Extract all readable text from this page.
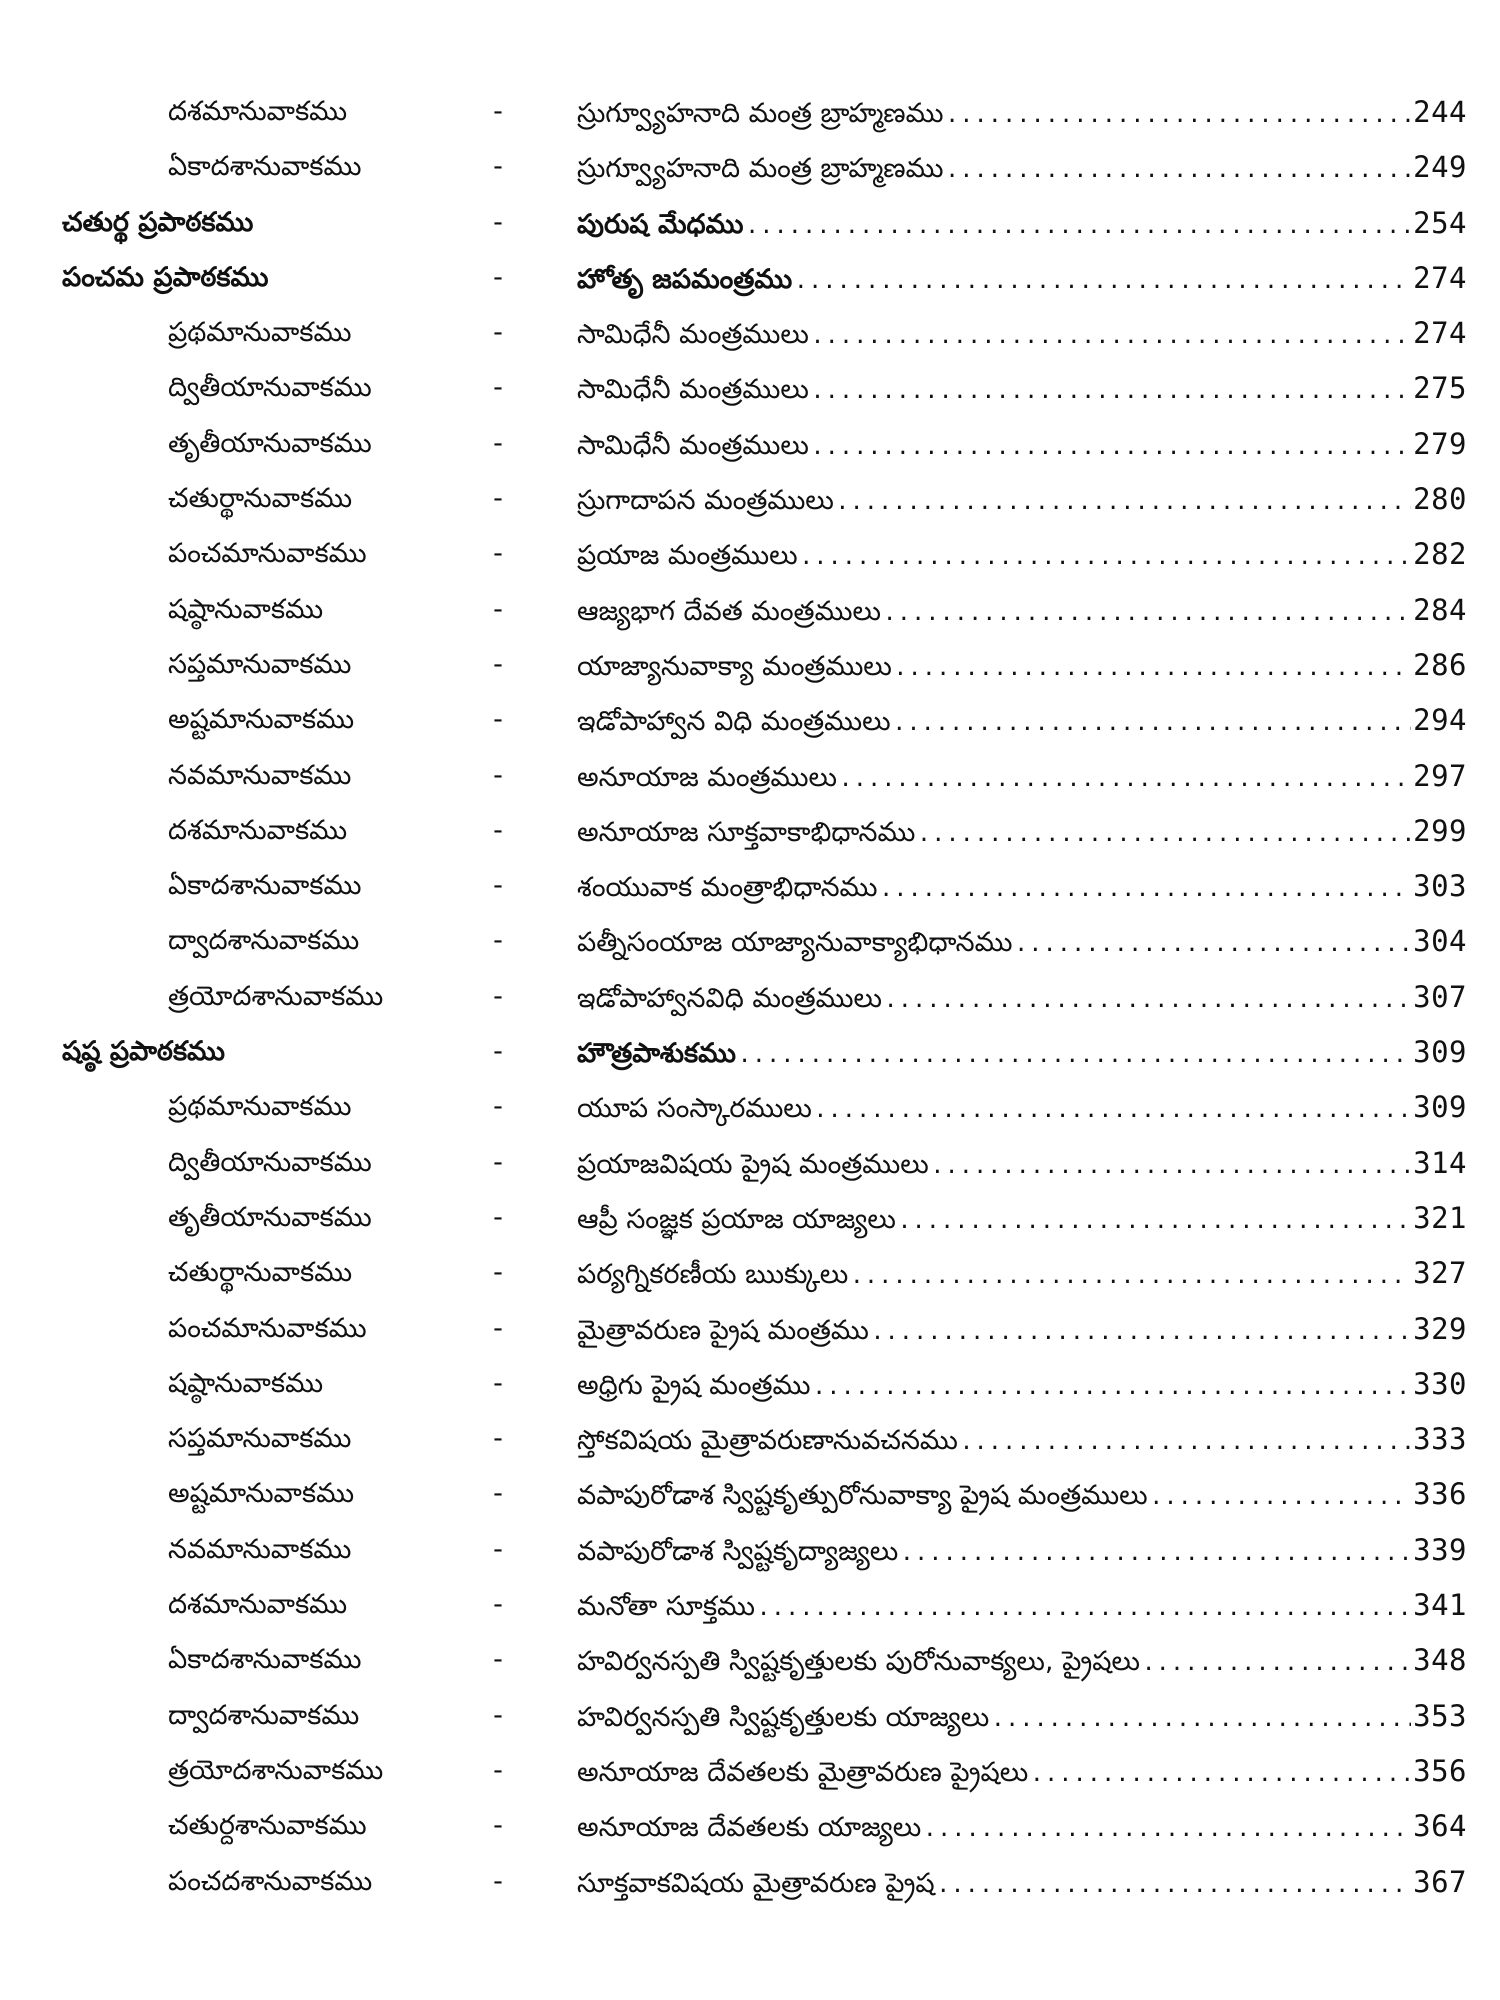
దశమానువాకము	-	స్రుగ్వ్యూహనాది మంత్ర బ్రాహ్మణము .....	244
ఏకాదశానువాకము	-	స్రుగ్వ్యూహనాది మంత్ర బ్రాహ్మణము .....	249
చతుర్థ ప్రపాఠకము	-	పురుష మేధము .....	254
పంచమ ప్రపాఠకము	-	హోతృ జపమంత్రము .....	274
ప్రథమానువాకము	-	సామిధేనీ మంత్రములు .....	274
ద్వితీయానువాకము	-	సామిధేనీ మంత్రములు .....	275
తృతీయానువాకము	-	సామిధేనీ మంత్రములు .....	279
చతుర్థానువాకము	-	స్రుగాదాపన మంత్రములు .....	280
పంచమానువాకము	-	ప్రయాజ మంత్రములు .....	282
షష్ఠానువాకము	-	ఆజ్యభాగ దేవత మంత్రములు .....	284
సప్తమానువాకము	-	యాజ్యానువాక్యా మంత్రములు .....	286
అష్టమానువాకము	-	ఇడోపాహ్వాన విధి మంత్రములు .....	294
నవమానువాకము	-	అనూయాజ మంత్రములు .....	297
దశమానువాకము	-	అనూయాజ సూక్తవాకాభిధానము .....	299
ఏకాదశానువాకము	-	శంయువాక మంత్రాభిధానము .....	303
ద్వాదశానువాకము	-	పత్నీసంయాజ యాజ్యానువాక్యాభిధానము .....	304
త్రయోదశానువాకము	-	ఇడోపాహ్వానవిధి మంత్రములు .....	307
షష్ఠ ప్రపాఠకము	-	హౌత్రపాశుకము .....	309
ప్రథమానువాకము	-	యూప సంస్కారములు .....	309
ద్వితీయానువాకము	-	ప్రయాజవిషయ ప్రైష మంత్రములు .....	314
తృతీయానువాకము	-	ఆప్రీ సంజ్ఞక ప్రయాజ యాజ్యలు .....	321
చతుర్థానువాకము	-	పర్యగ్నికరణీయ ఋక్కులు .....	327
పంచమానువాకము	-	మైత్రావరుణ ప్రైష మంత్రము .....	329
షష్ఠానువాకము	-	అధ్రిగు ప్రైష మంత్రము .....	330
సప్తమానువాకము	-	స్తోకవిషయ మైత్రావరుణానువచనము .....	333
అష్టమానువాకము	-	వపాపురోడాశ స్విష్టకృత్పురోనువాక్యా ప్రైష మంత్రములు .....	336
నవమానువాకము	-	వపాపురోడాశ స్విష్టకృద్యాజ్యలు .....	339
దశమానువాకము	-	మనోతా సూక్తము .....	341
ఏకాదశానువాకము	-	హవిర్వనస్పతి స్విష్టకృత్తులకు పురోనువాక్యలు, ప్రైషలు .....	348
ద్వాదశానువాకము	-	హవిర్వనస్పతి స్విష్టకృత్తులకు యాజ్యలు .....	353
త్రయోదశానువాకము	-	అనూయాజ దేవతలకు మైత్రావరుణ ప్రైషలు .....	356
చతుర్దశానువాకము	-	అనూయాజ దేవతలకు యాజ్యలు .....	364
పంచదశానువాకము	-	సూక్తవాకవిషయ మైత్రావరుణ ప్రైష .....	367
